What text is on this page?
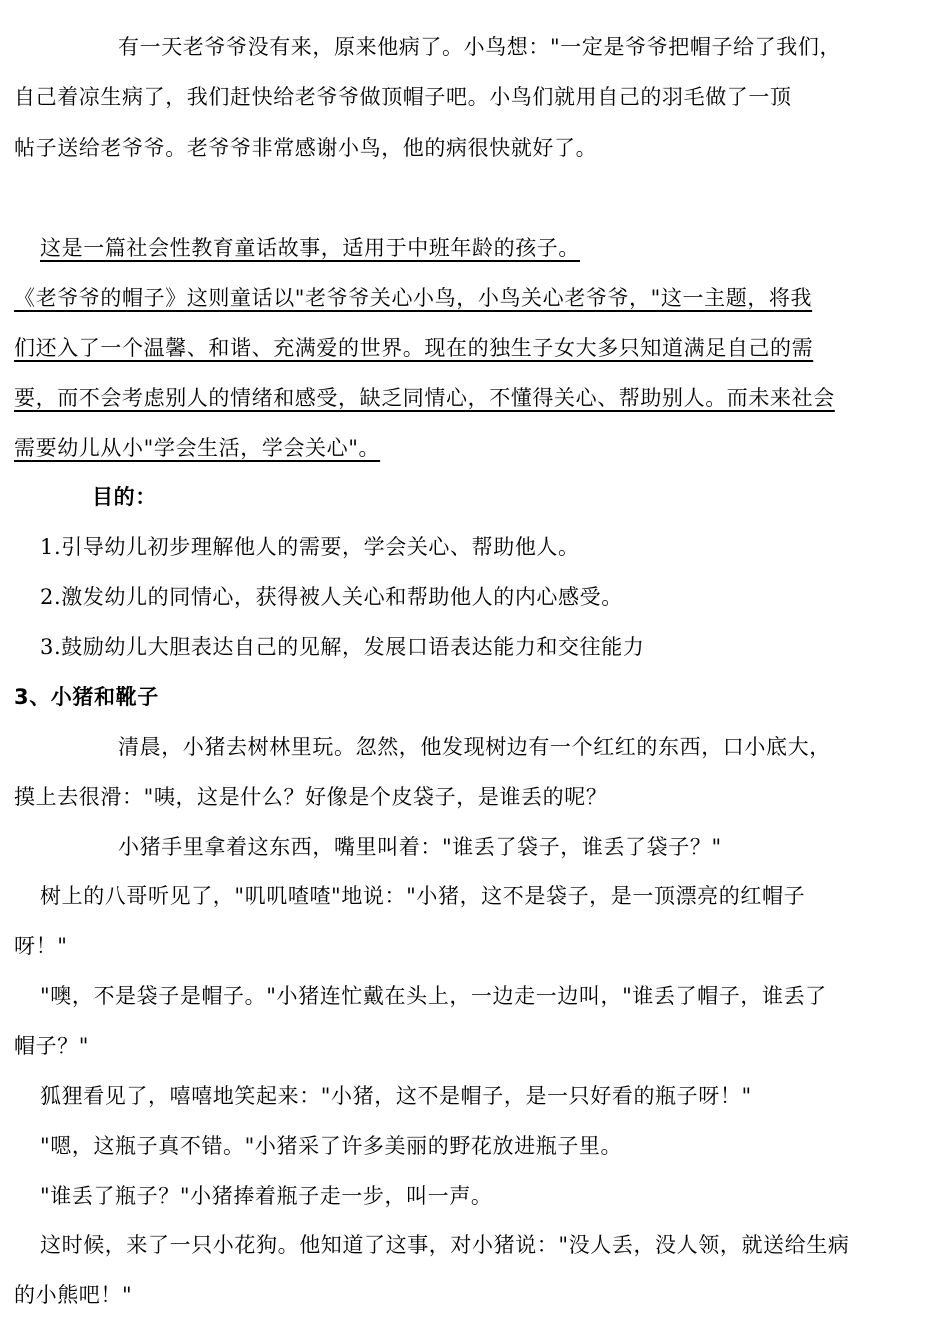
有一天老爷爷没有来，原来他病了。小鸟想："一定是爷爷把帽子给了我们，
自己着凉生病了，我们赶快给老爷爷做顶帽子吧。小鸟们就用自己的羽毛做了一顶
帖子送给老爷爷。老爷爷非常感谢小鸟，他的病很快就好了。
这是一篇社会性教育童话故事，适用于中班年龄的孩子。
《老爷爷的帽子》这则童话以"老爷爷关心小鸟，小鸟关心老爷爷，"这一主题，将我
们还入了一个温馨、和谐、充满爱的世界。现在的独生子女大多只知道满足自己的需
要，而不会考虑别人的情绪和感受，缺乏同情心，不懂得关心、帮助别人。而未来社会
需要幼儿从小"学会生活，学会关心"。
目的：
1.引导幼儿初步理解他人的需要，学会关心、帮助他人。
2.激发幼儿的同情心，获得被人关心和帮助他人的内心感受。
3.鼓励幼儿大胆表达自己的见解，发展口语表达能力和交往能力
3、小猪和靴子
清晨，小猪去树林里玩。忽然，他发现树边有一个红红的东西，口小底大，
摸上去很滑："咦，这是什么？好像是个皮袋子，是谁丢的呢？
小猪手里拿着这东西，嘴里叫着："谁丢了袋子，谁丢了袋子？"
树上的八哥听见了，"叽叽喳喳"地说："小猪，这不是袋子，是一顶漂亮的红帽子
呀！"
"噢，不是袋子是帽子。"小猪连忙戴在头上，一边走一边叫，"谁丢了帽子，谁丢了
帽子？"
狐狸看见了，嘻嘻地笑起来："小猪，这不是帽子，是一只好看的瓶子呀！"
"嗯，这瓶子真不错。"小猪采了许多美丽的野花放进瓶子里。
"谁丢了瓶子？"小猪捧着瓶子走一步，叫一声。
这时候，来了一只小花狗。他知道了这事，对小猪说："没人丢，没人领，就送给生病
的小熊吧！"
